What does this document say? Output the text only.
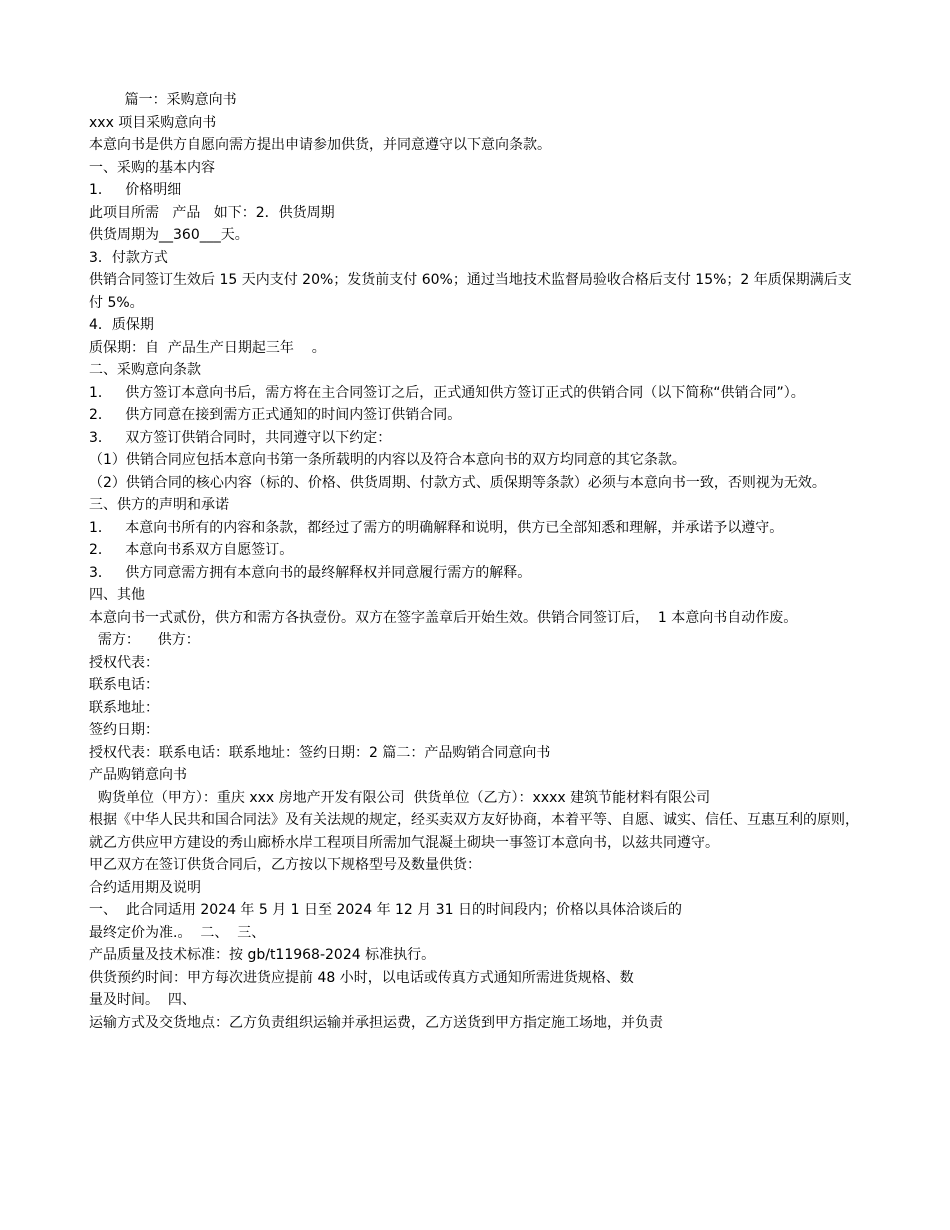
篇一：采购意向书

xxx 项目采购意向书

本意向书是供方自愿向需方提出申请参加供货，并同意遵守以下意向条款。

一、采购的基本内容

1．   价格明细

此项目所需   产品   如下：2．供货周期

供货周期为__360___天。

3．付款方式

供销合同签订生效后 15 天内支付 20%；发货前支付 60%；通过当地技术监督局验收合格后支付 15%；2 年质保期满后支付 5%。

4．质保期

质保期：自  产品生产日期起三年    。

二、采购意向条款

1．   供方签订本意向书后，需方将在主合同签订之后，正式通知供方签订正式的供销合同（以下简称“供销合同”）。

2．   供方同意在接到需方正式通知的时间内签订供销合同。

3．   双方签订供销合同时，共同遵守以下约定：

（1）供销合同应包括本意向书第一条所载明的内容以及符合本意向书的双方均同意的其它条款。

（2）供销合同的核心内容（标的、价格、供货周期、付款方式、质保期等条款）必须与本意向书一致，否则视为无效。

三、供方的声明和承诺

1．   本意向书所有的内容和条款，都经过了需方的明确解释和说明，供方已全部知悉和理解，并承诺予以遵守。

2．   本意向书系双方自愿签订。

3．   供方同意需方拥有本意向书的最终解释权并同意履行需方的解释。

四、其他

本意向书一式贰份，供方和需方各执壹份。双方在签字盖章后开始生效。供销合同签订后，  1 本意向书自动作废。

需方：    供方：

授权代表：

联系电话：

联系地址：

签约日期：

授权代表：联系电话：联系地址：签约日期：2 篇二：产品购销合同意向书

产品购销意向书

购货单位（甲方）：重庆 xxx 房地产开发有限公司  供货单位（乙方）：xxxx 建筑节能材料有限公司

根据《中华人民共和国合同法》及有关法规的规定，经买卖双方友好协商，本着平等、自愿、诚实、信任、互惠互利的原则，就乙方供应甲方建设的秀山廊桥水岸工程项目所需加气混凝土砌块一事签订本意向书，以兹共同遵守。

甲乙双方在签订供货合同后，乙方按以下规格型号及数量供货：

合约适用期及说明

一、  此合同适用 2024 年 5 月 1 日至 2024 年 12 月 31 日的时间段内；价格以具体洽谈后的

最终定价为准.。  二、  三、

产品质量及技术标准：按 gb/t11968-2024 标准执行。

供货预约时间：甲方每次进货应提前 48 小时，以电话或传真方式通知所需进货规格、数

量及时间。  四、

运输方式及交货地点：乙方负责组织运输并承担运费，乙方送货到甲方指定施工场地，并负责
